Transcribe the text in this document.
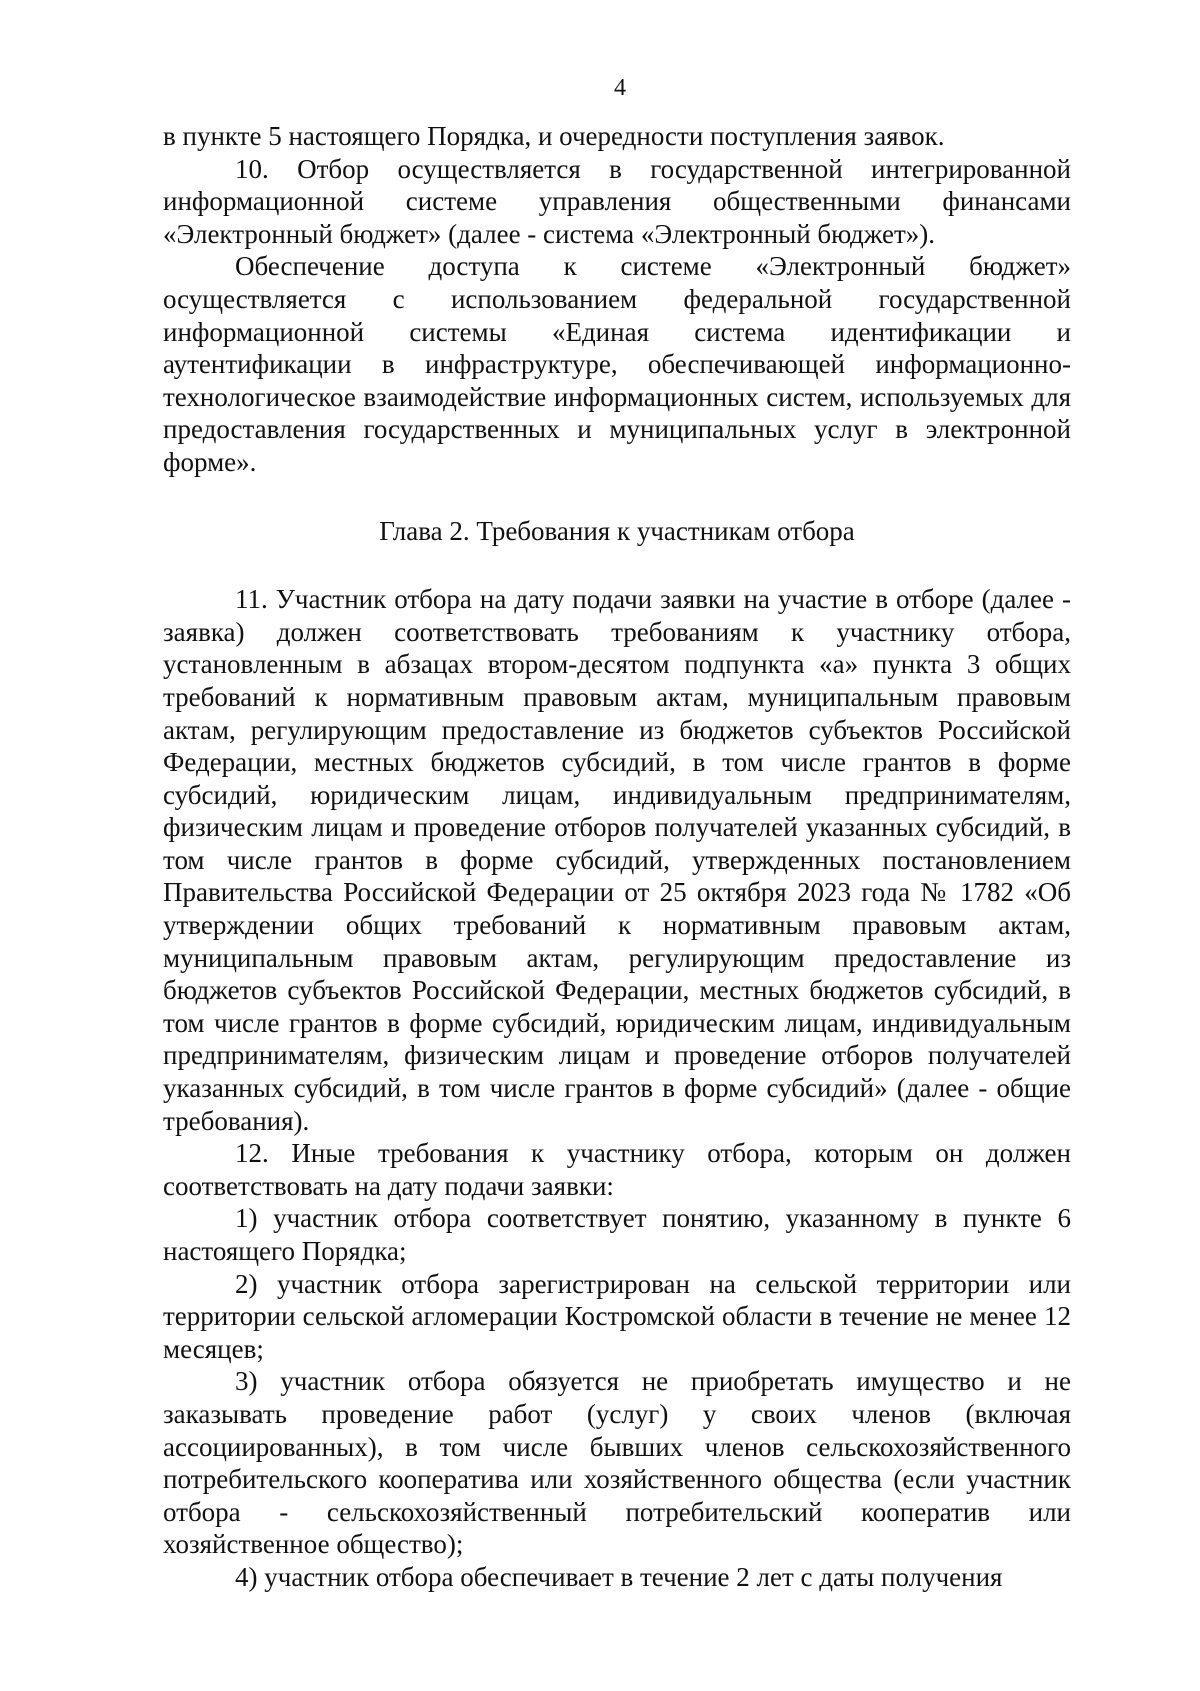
4

в пункте 5 настоящего Порядка, и очередности поступления заявок.

10. Отбор осуществляется в государственной интегрированной информационной системе управления общественными финансами «Электронный бюджет» (далее - система «Электронный бюджет»).

Обеспечение доступа к системе «Электронный бюджет» осуществляется с использованием федеральной государственной информационной системы «Единая система идентификации и аутентификации в инфраструктуре, обеспечивающей информационно-технологическое взаимодействие информационных систем, используемых для предоставления государственных и муниципальных услуг в электронной форме».

Глава 2. Требования к участникам отбора

11. Участник отбора на дату подачи заявки на участие в отборе (далее - заявка) должен соответствовать требованиям к участнику отбора, установленным в абзацах втором-десятом подпункта «а» пункта 3 общих требований к нормативным правовым актам, муниципальным правовым актам, регулирующим предоставление из бюджетов субъектов Российской Федерации, местных бюджетов субсидий, в том числе грантов в форме субсидий, юридическим лицам, индивидуальным предпринимателям, физическим лицам и проведение отборов получателей указанных субсидий, в том числе грантов в форме субсидий, утвержденных постановлением Правительства Российской Федерации от 25 октября 2023 года № 1782 «Об утверждении общих требований к нормативным правовым актам, муниципальным правовым актам, регулирующим предоставление из бюджетов субъектов Российской Федерации, местных бюджетов субсидий, в том числе грантов в форме субсидий, юридическим лицам, индивидуальным предпринимателям, физическим лицам и проведение отборов получателей указанных субсидий, в том числе грантов в форме субсидий» (далее - общие требования).

12. Иные требования к участнику отбора, которым он должен соответствовать на дату подачи заявки:

1) участник отбора соответствует понятию, указанному в пункте 6 настоящего Порядка;

2) участник отбора зарегистрирован на сельской территории или территории сельской агломерации Костромской области в течение не менее 12 месяцев;

3) участник отбора обязуется не приобретать имущество и не заказывать проведение работ (услуг) у своих членов (включая ассоциированных), в том числе бывших членов сельскохозяйственного потребительского кооператива или хозяйственного общества (если участник отбора - сельскохозяйственный потребительский кооператив или хозяйственное общество);

4) участник отбора обеспечивает в течение 2 лет с даты получения
